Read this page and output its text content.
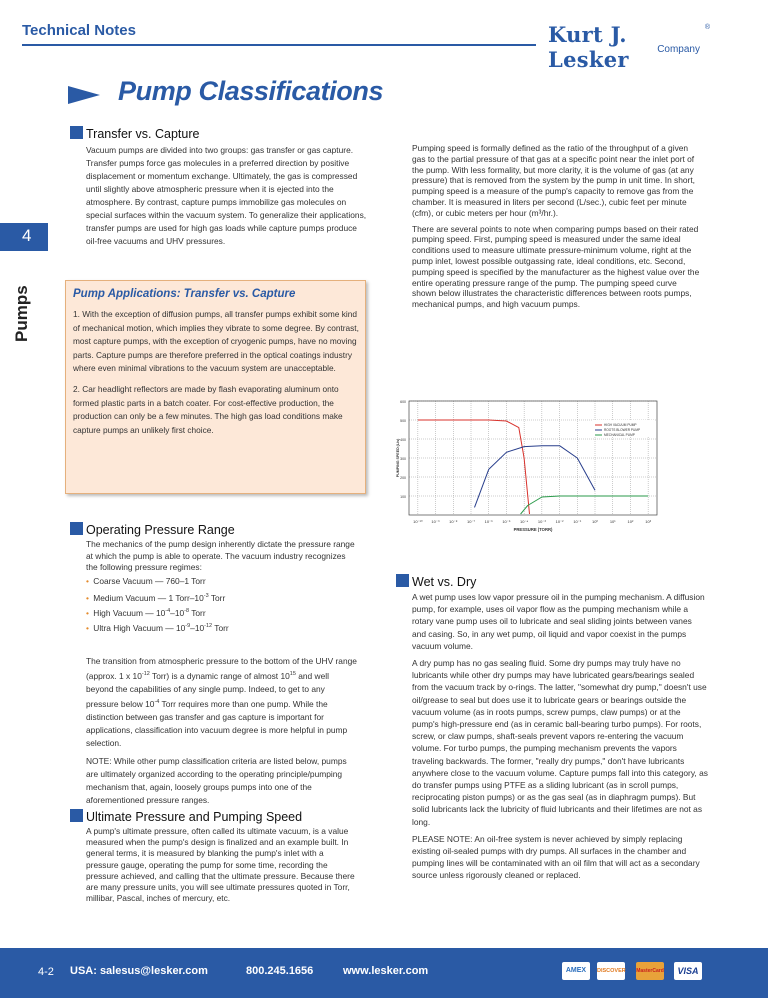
Technical Notes	Kurt J. Lesker	Company
®
Pump Classifications
4
Pumps
Transfer vs. Capture

Vacuum pumps are divided into two groups: gas transfer or gas capture. Transfer pumps force gas molecules in a preferred direction by positive displacement or momentum exchange. Ultimately, the gas is compressed until slightly above atmospheric pressure when it is ejected into the atmosphere. By contrast, capture pumps immobilize gas molecules on special surfaces within the vacuum system. To generalize their applications, transfer pumps are used for high gas loads while capture pumps produce oil-free vacuums and UHV pressures.

Pump Applications: Transfer vs. Capture

1. With the exception of diffusion pumps, all transfer pumps exhibit some kind of mechanical motion, which implies they vibrate to some degree. By contrast, most capture pumps, with the exception of cryogenic pumps, have no moving parts. Capture pumps are therefore preferred in the optical coatings industry where even minimal vibrations to the vacuum system are unacceptable.

2. Car headlight reflectors are made by flash evaporating aluminum onto formed plastic parts in a batch coater. For cost-effective production, the production can only be a few minutes. The high gas load conditions make capture pumps an unlikely first choice.

Operating Pressure Range

The mechanics of the pump design inherently dictate the pressure range at which the pump is able to operate. The vacuum industry recognizes the following pressure regimes:

• Coarse Vacuum — 760–1 Torr
• Medium Vacuum — 1 Torr–$10^{-3}$ Torr
• High Vacuum — $10^{-4}-10^{-8}$ Torr
• Ultra High Vacuum — $10^{-9}-10^{-12}$ Torr

The transition from atmospheric pressure to the bottom of the UHV range (approx. 1 x $10^{-12}$ Torr) is a dynamic range of almost $10^{15}$ and well beyond the capabilities of any single pump. Indeed, to get to any pressure below $10^{-4}$ Torr requires more than one pump. While the distinction between gas transfer and gas capture is important for applications, classification into vacuum degree is more helpful in pump selection.

NOTE: While other pump classification criteria are listed below, pumps are ultimately organized according to the operating principle/pumping mechanism that, again, loosely groups pumps into one of the aforementioned pressure ranges.

Ultimate Pressure and Pumping Speed

A pump's ultimate pressure, often called its ultimate vacuum, is a value measured when the pump's design is finalized and an example built. In general terms, it is measured by blanking the pump's inlet with a pressure gauge, operating the pump for some time, recording the pressure achieved, and calling that the ultimate pressure. Because there are many pressure units, you will see ultimate pressures quoted in Torr, millibar, Pascal, inches of mercury, etc.

Pumping speed is formally defined as the ratio of the throughput of a given gas to the partial pressure of that gas at a specific point near the inlet port of the pump. With less formality, but more clarity, it is the volume of gas (at any pressure) that is removed from the system by the pump in unit time. In short, pumping speed is a measure of the pump's capacity to remove gas from the chamber. It is measured in liters per second (L/sec.), cubic feet per minute (cfm), or cubic meters per hour (m³/hr.).

There are several points to note when comparing pumps based on their rated pumping speed. First, pumping speed is measured under the same ideal conditions used to measure ultimate pressure-minimum volume, right at the pump inlet, lowest possible outgassing rate, ideal conditions, etc. Second, pumping speed is specified by the manufacturer as the highest value over the entire operating pressure range of the pump. The pumping speed curve shown below illustrates the characteristic differences between roots pumps, mechanical pumps, and high vacuum pumps.

600
500
400
300
200
100
10⁻¹⁰ 10⁻⁹ 10⁻⁸ 10⁻⁷ 10⁻⁶ 10⁻⁵ 10⁻⁴ 10⁻³ 10⁻² 10⁻¹	10⁰	10¹	10²	10³
PRESSURE (TORR)
PUMPING SPEED (L/s)
HIGH VACUUM PUMP
ROOTS BLOWER PUMP
MECHANICAL PUMP
Wet vs. Dry

A wet pump uses low vapor pressure oil in the pumping mechanism. A diffusion pump, for example, uses oil vapor flow as the pumping mechanism while a rotary vane pump uses oil to lubricate and seal sliding joints between vanes and casing. So, in any wet pump, oil liquid and vapor coexist in the pumps vacuum volume.

A dry pump has no gas sealing fluid. Some dry pumps may truly have no lubricants while other dry pumps may have lubricated gears/bearings sealed from the vacuum track by o-rings. The latter, "somewhat dry pump," doesn't use oil/grease to seal but does use it to lubricate gears or bearings outside the vacuum volume (as in roots pumps, screw pumps, claw pumps) or at the pump's high-pressure end (as in ceramic ball-bearing turbo pumps). For roots, screw, or claw pumps, shaft-seals prevent vapors re-entering the vacuum volume. For turbo pumps, the pumping mechanism prevents the vapors traveling backwards. The former, "really dry pumps," don't have lubricants anywhere close to the vacuum volume. Capture pumps fall into this category, as do transfer pumps using PTFE as a sliding lubricant (as in scroll pumps, reciprocating piston pumps) or as the gas seal (as in diaphragm pumps). But solid lubricants lack the lubricity of fluid lubricants and their lifetimes are not as long.

PLEASE NOTE: An oil-free system is never achieved by simply replacing existing oil-sealed pumps with dry pumps. All surfaces in the chamber and pumping lines will be contaminated with an oil film that will act as a secondary source unless rigorously cleaned or replaced.

4-2 USA: salesus@lesker.com	800.245.1656	www.lesker.com	AMEX	DISCOVER MasterCard	VISA
